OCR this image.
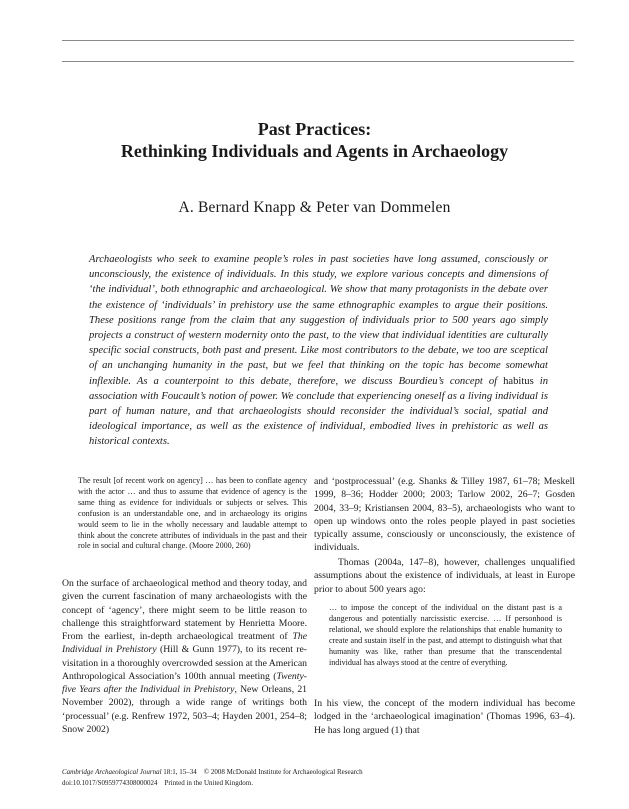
Past Practices:
Rethinking Individuals and Agents in Archaeology
A. Bernard Knapp & Peter van Dommelen

Archaeologists who seek to examine people’s roles in past societies have long assumed, consciously or unconsciously, the existence of individuals. In this study, we explore various concepts and dimensions of ‘the individual’, both ethnographic and archaeological. We show that many protagonists in the debate over the existence of ‘individuals’ in prehistory use the same ethnographic examples to argue their positions. These positions range from the claim that any suggestion of individuals prior to 500 years ago simply projects a construct of western modernity onto the past, to the view that individual identities are culturally specific social constructs, both past and present. Like most contributors to the debate, we too are sceptical of an unchanging humanity in the past, but we feel that thinking on the topic has become somewhat inflexible. As a counterpoint to this debate, therefore, we discuss Bourdieu’s concept of habitus in association with Foucault’s notion of power. We conclude that experiencing oneself as a living individual is part of human nature, and that archaeologists should reconsider the individual’s social, spatial and ideological importance, as well as the existence of individual, embodied lives in prehistoric as well as historical contexts.

The result [of recent work on agency] … has been to conflate agency with the actor … and thus to assume that evidence of agency is the same thing as evidence for individuals or subjects or selves. This confusion is an understandable one, and in archaeology its origins would seem to lie in the wholly necessary and laudable attempt to think about the concrete attributes of individuals in the past and their role in social and cultural change. (Moore 2000, 260)

On the surface of archaeological method and theory today, and given the current fascination of many archaeologists with the concept of ‘agency’, there might seem to be little reason to challenge this straightforward statement by Henrietta Moore. From the earliest, in-depth archaeological treatment of The Individual in Prehistory (Hill & Gunn 1977), to its recent re-visitation in a thoroughly overcrowded session at the American Anthropological Association’s 100th annual meeting (Twenty-five Years after the Individual in Prehistory, New Orleans, 21 November 2002), through a wide range of writings both ‘processual’ (e.g. Renfrew 1972, 503–4; Hayden 2001, 254–8; Snow 2002)

and ‘postprocessual’ (e.g. Shanks & Tilley 1987, 61–78; Meskell 1999, 8–36; Hodder 2000; 2003; Tarlow 2002, 26–7; Gosden 2004, 33–9; Kristiansen 2004, 83–5), archaeologists who want to open up windows onto the roles people played in past societies typically assume, consciously or unconsciously, the existence of individuals.

Thomas (2004a, 147–8), however, challenges unqualified assumptions about the existence of individuals, at least in Europe prior to about 500 years ago:

… to impose the concept of the individual on the distant past is a dangerous and potentially narcissistic exercise. … If personhood is relational, we should explore the relationships that enable humanity to create and sustain itself in the past, and attempt to distinguish what that humanity was like, rather than presume that the transcendental individual has always stood at the centre of everything.

In his view, the concept of the modern individual has become lodged in the ‘archaeological imagination’ (Thomas 1996, 63–4). He has long argued (1) that

Cambridge Archaeological Journal 18:1, 15–34 © 2008 McDonald Institute for Archaeological Research
doi:10.1017/S0959774308000024 Printed in the United Kingdom.
